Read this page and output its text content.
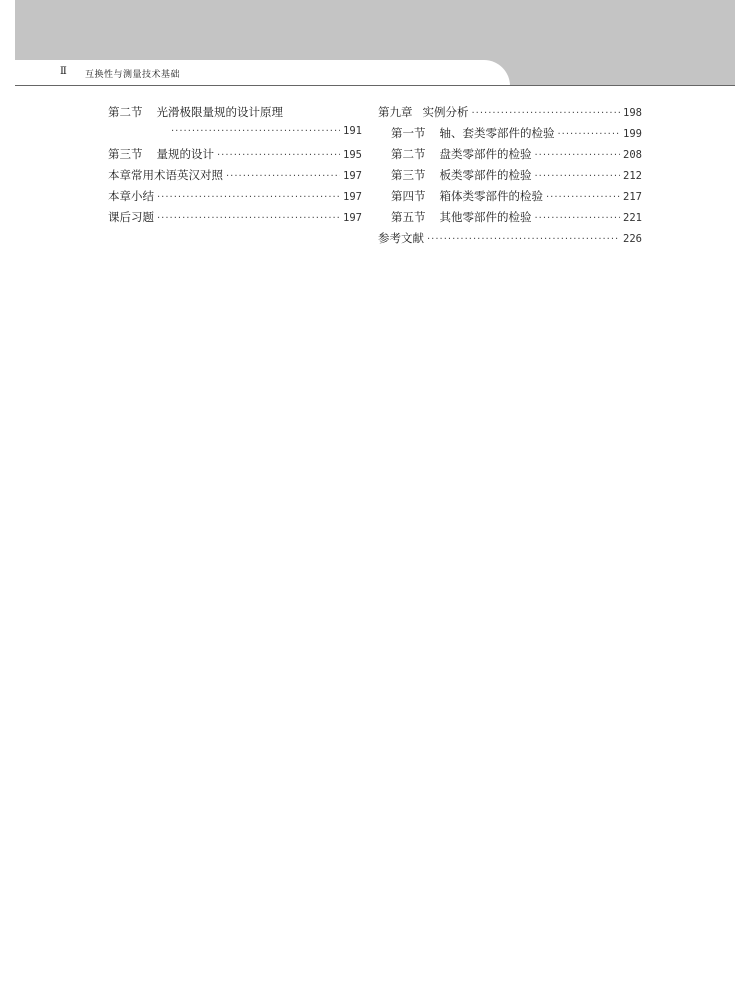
Ⅱ 互换性与测量技术基础
第二节 光滑极限量规的设计原理
·····
191
第三节 量规的设计 ·····	195
本章常用术语英汉对照 ·····	197
本章小结 ·····	197
课后习题 ·····	197
第九章 实例分析 ·····	198
第一节 轴、套类零部件的检验 ·····	199
第二节 盘类零部件的检验 ·····	208
第三节 板类零部件的检验 ·····	212
第四节 箱体类零部件的检验 ·····	217
第五节 其他零部件的检验 ·····	221
参考文献 ·····	226
